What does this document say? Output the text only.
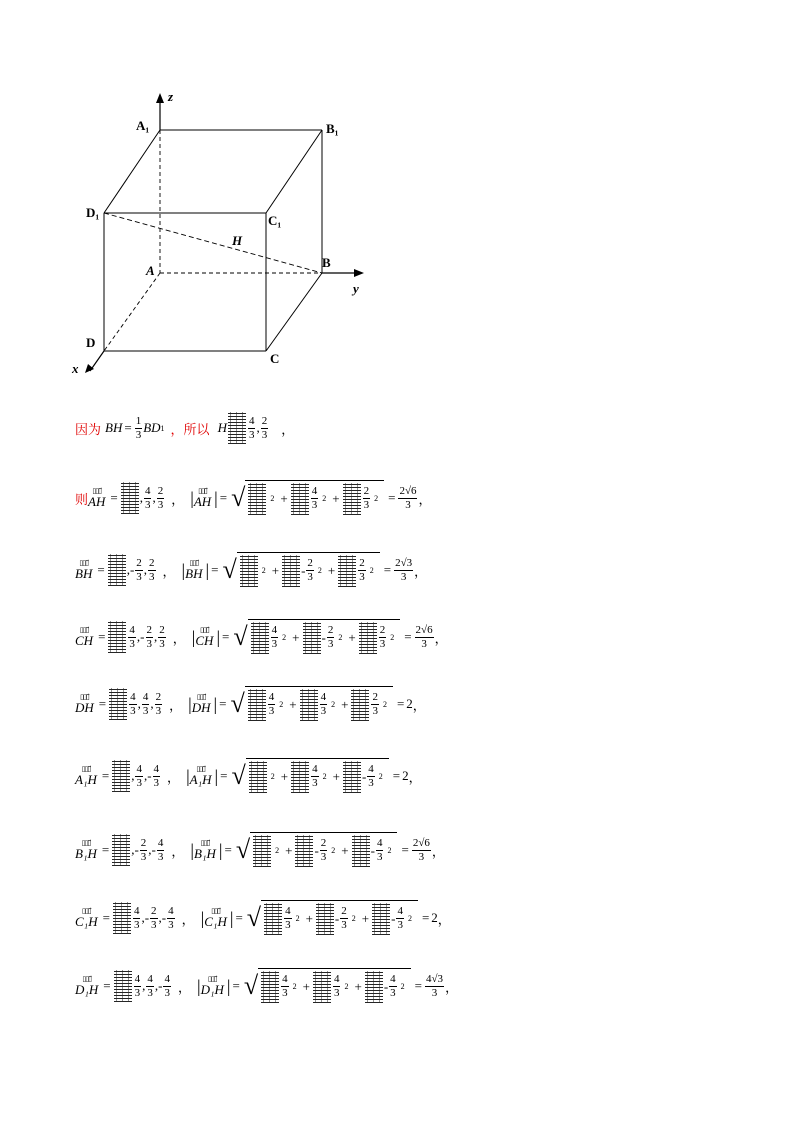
z
y
x
A₁	B₁
D₁
C₁
H
A
B
D
C
因为 BH = $\frac{1}{3}$ BD 1 ，所以 H $\frac{4}{3}$ , $\frac{2}{3}$ ，
则
▯▯▯⃗
AH = , $\frac{4}{3}$ , $\frac{2}{3}$ ， | ▯▯▯⃗
AH | = √	$2 + \frac{4}{3} 2 + \frac{2}{3} 2 = \frac{2√6}{3}$ ，
▯▯▯⃗
BH = , - $\frac{2}{3}$ , $\frac{2}{3}$ ， | ▯▯▯⃗
BH | = √	2 + - $\frac{2}{3} 2 + \frac{2}{3} 2 = \frac{2√3}{3}$ ，
▯▯▯⃗
CH = $\frac{4}{3}$ , - $\frac{2}{3}$ , $\frac{2}{3}$ ， | ▯▯▯⃗
CH | = √ $\frac{4}{3} 2$ + - $\frac{2}{3} 2 + \frac{2}{3} 2 = \frac{2√6}{3}$ ，
▯▯▯⃗
DH = $\frac{4}{3}$ , $\frac{4}{3}$ , $\frac{2}{3}$ ， | ▯▯▯⃗
DH | = √ $\frac{4}{3} 2 + \frac{4}{3} 2 + \frac{2}{3} 2 = 2$ ，
▯▯▯⃗
A₁H = , $\frac{4}{3}$ , - $\frac{4}{3}$ ， | ▯▯▯⃗
A₁H | = √	$2 + \frac{4}{3} 2$ + - $\frac{4}{3} 2 = 2$ ，
▯▯▯⃗
B₁H = , - $\frac{2}{3}$ , - $\frac{4}{3}$ ， | ▯▯▯⃗
B₁H | = √	2 + - $\frac{2}{3} 2$ + - $\frac{4}{3} 2 = \frac{2√6}{3}$ ，
▯▯▯⃗
$C_1H = \frac{4}{3}$ , - $\frac{2}{3}$ , - $\frac{4}{3}$ ， | ▯▯▯⃗
C₁H | = √ $\frac{4}{3} 2$ + - $\frac{2}{3} 2$ + - $\frac{4}{3} 2 = 2$ ，
▯▯▯⃗
$D_1H = \frac{4}{3}$ , $\frac{4}{3}$ , - $\frac{4}{3}$ ， | ▯▯▯⃗
D₁H | = √ $\frac{4}{3} 2 + \frac{4}{3} 2$ + - $\frac{4}{3} 2 = \frac{4√3}{3}$ ，
